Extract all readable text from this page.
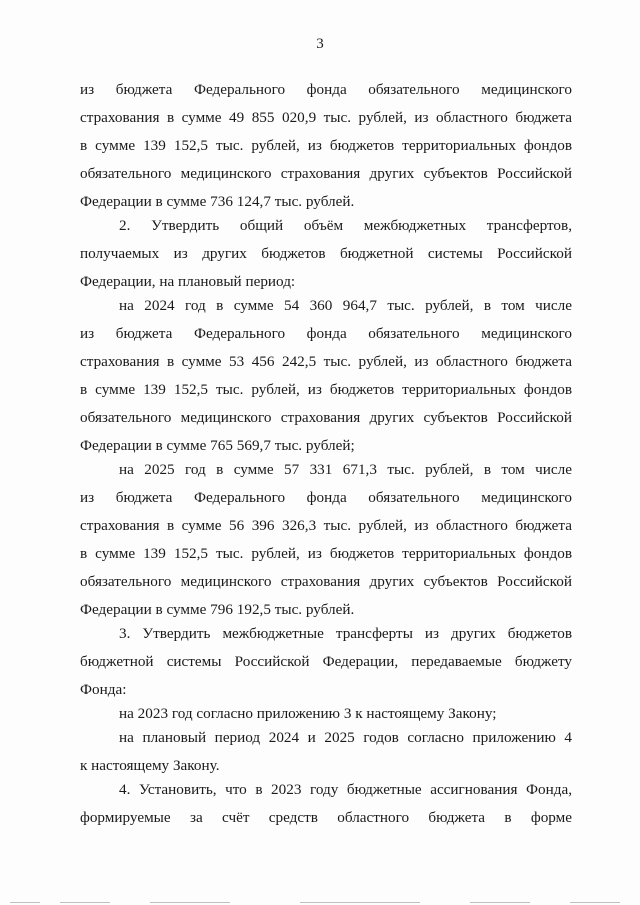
3
из бюджета Федерального фонда обязательного медицинского
страхования в сумме 49 855 020,9 тыс. рублей, из областного бюджета
в сумме 139 152,5 тыс. рублей, из бюджетов территориальных фондов
обязательного медицинского страхования других субъектов Российской
Федерации в сумме 736 124,7 тыс. рублей.
2. Утвердить общий объём межбюджетных трансфертов,
получаемых из других бюджетов бюджетной системы Российской
Федерации, на плановый период:
на 2024 год в сумме 54 360 964,7 тыс. рублей, в том числе
из бюджета Федерального фонда обязательного медицинского
страхования в сумме 53 456 242,5 тыс. рублей, из областного бюджета
в сумме 139 152,5 тыс. рублей, из бюджетов территориальных фондов
обязательного медицинского страхования других субъектов Российской
Федерации в сумме 765 569,7 тыс. рублей;
на 2025 год в сумме 57 331 671,3 тыс. рублей, в том числе
из бюджета Федерального фонда обязательного медицинского
страхования в сумме 56 396 326,3 тыс. рублей, из областного бюджета
в сумме 139 152,5 тыс. рублей, из бюджетов территориальных фондов
обязательного медицинского страхования других субъектов Российской
Федерации в сумме 796 192,5 тыс. рублей.
3. Утвердить межбюджетные трансферты из других бюджетов
бюджетной системы Российской Федерации, передаваемые бюджету
Фонда:
на 2023 год согласно приложению 3 к настоящему Закону;
на плановый период 2024 и 2025 годов согласно приложению 4
к настоящему Закону.
4. Установить, что в 2023 году бюджетные ассигнования Фонда,
формируемые за счёт средств областного бюджета в форме
